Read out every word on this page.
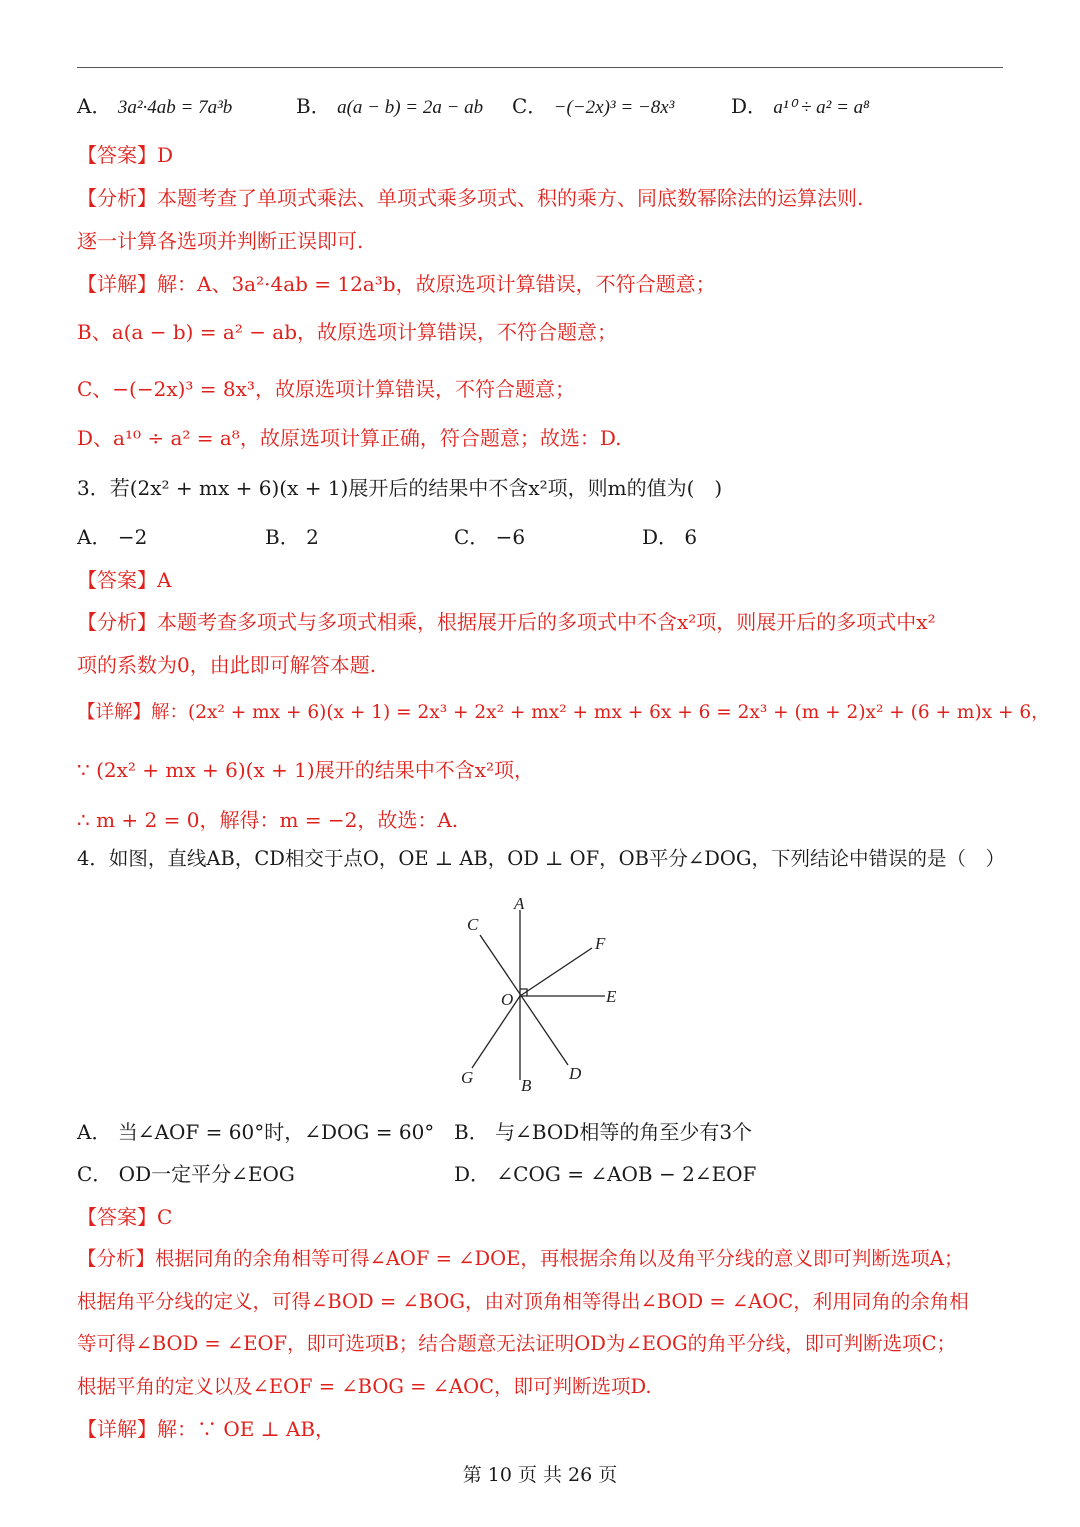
A． 3a²·4ab = 7a³b	B． a(a − b) = 2a − ab C． −(−2x)³ = −8x³	D． a¹⁰ ÷ a² = a⁸
【答案】D
【分析】本题考查了单项式乘法、单项式乘多项式、积的乘方、同底数幂除法的运算法则.
逐一计算各选项并判断正误即可.
【详解】解：A、3a²·4ab = 12a³b，故原选项计算错误，不符合题意；
B、a(a − b) = a² − ab，故原选项计算错误，不符合题意；
C、−(−2x)³ = 8x³，故原选项计算错误，不符合题意；
D、a¹⁰ ÷ a² = a⁸，故原选项计算正确，符合题意；故选：D.
3．若(2x² + mx + 6)(x + 1)展开后的结果中不含x²项，则m的值为(　)
A． −2	B． 2	C． −6	D． 6
【答案】A
【分析】本题考查多项式与多项式相乘，根据展开后的多项式中不含x²项，则展开后的多项式中x²
项的系数为0，由此即可解答本题.
【详解】解：(2x² + mx + 6)(x + 1) = 2x³ + 2x² + mx² + mx + 6x + 6 = 2x³ + (m + 2)x² + (6 + m)x + 6，
∵ (2x² + mx + 6)(x + 1)展开的结果中不含x²项，
∴ m + 2 = 0，解得：m = −2，故选：A.
4．如图，直线AB，CD相交于点O，OE ⊥ AB，OD ⊥ OF，OB平分∠DOG，下列结论中错误的是（　）
A
B
C
D
E
F
G
O
A． 当∠AOF = 60°时，∠DOG = 60° B． 与∠BOD相等的角至少有3个
C． OD一定平分∠EOG	D． ∠COG = ∠AOB − 2∠EOF
【答案】C
【分析】根据同角的余角相等可得∠AOF = ∠DOE，再根据余角以及角平分线的意义即可判断选项A；
根据角平分线的定义，可得∠BOD = ∠BOG，由对顶角相等得出∠BOD = ∠AOC，利用同角的余角相
等可得∠BOD = ∠EOF，即可选项B；结合题意无法证明OD为∠EOG的角平分线，即可判断选项C；
根据平角的定义以及∠EOF = ∠BOG = ∠AOC，即可判断选项D.
【详解】解：∵ OE ⊥ AB，
第 10 页 共 26 页
